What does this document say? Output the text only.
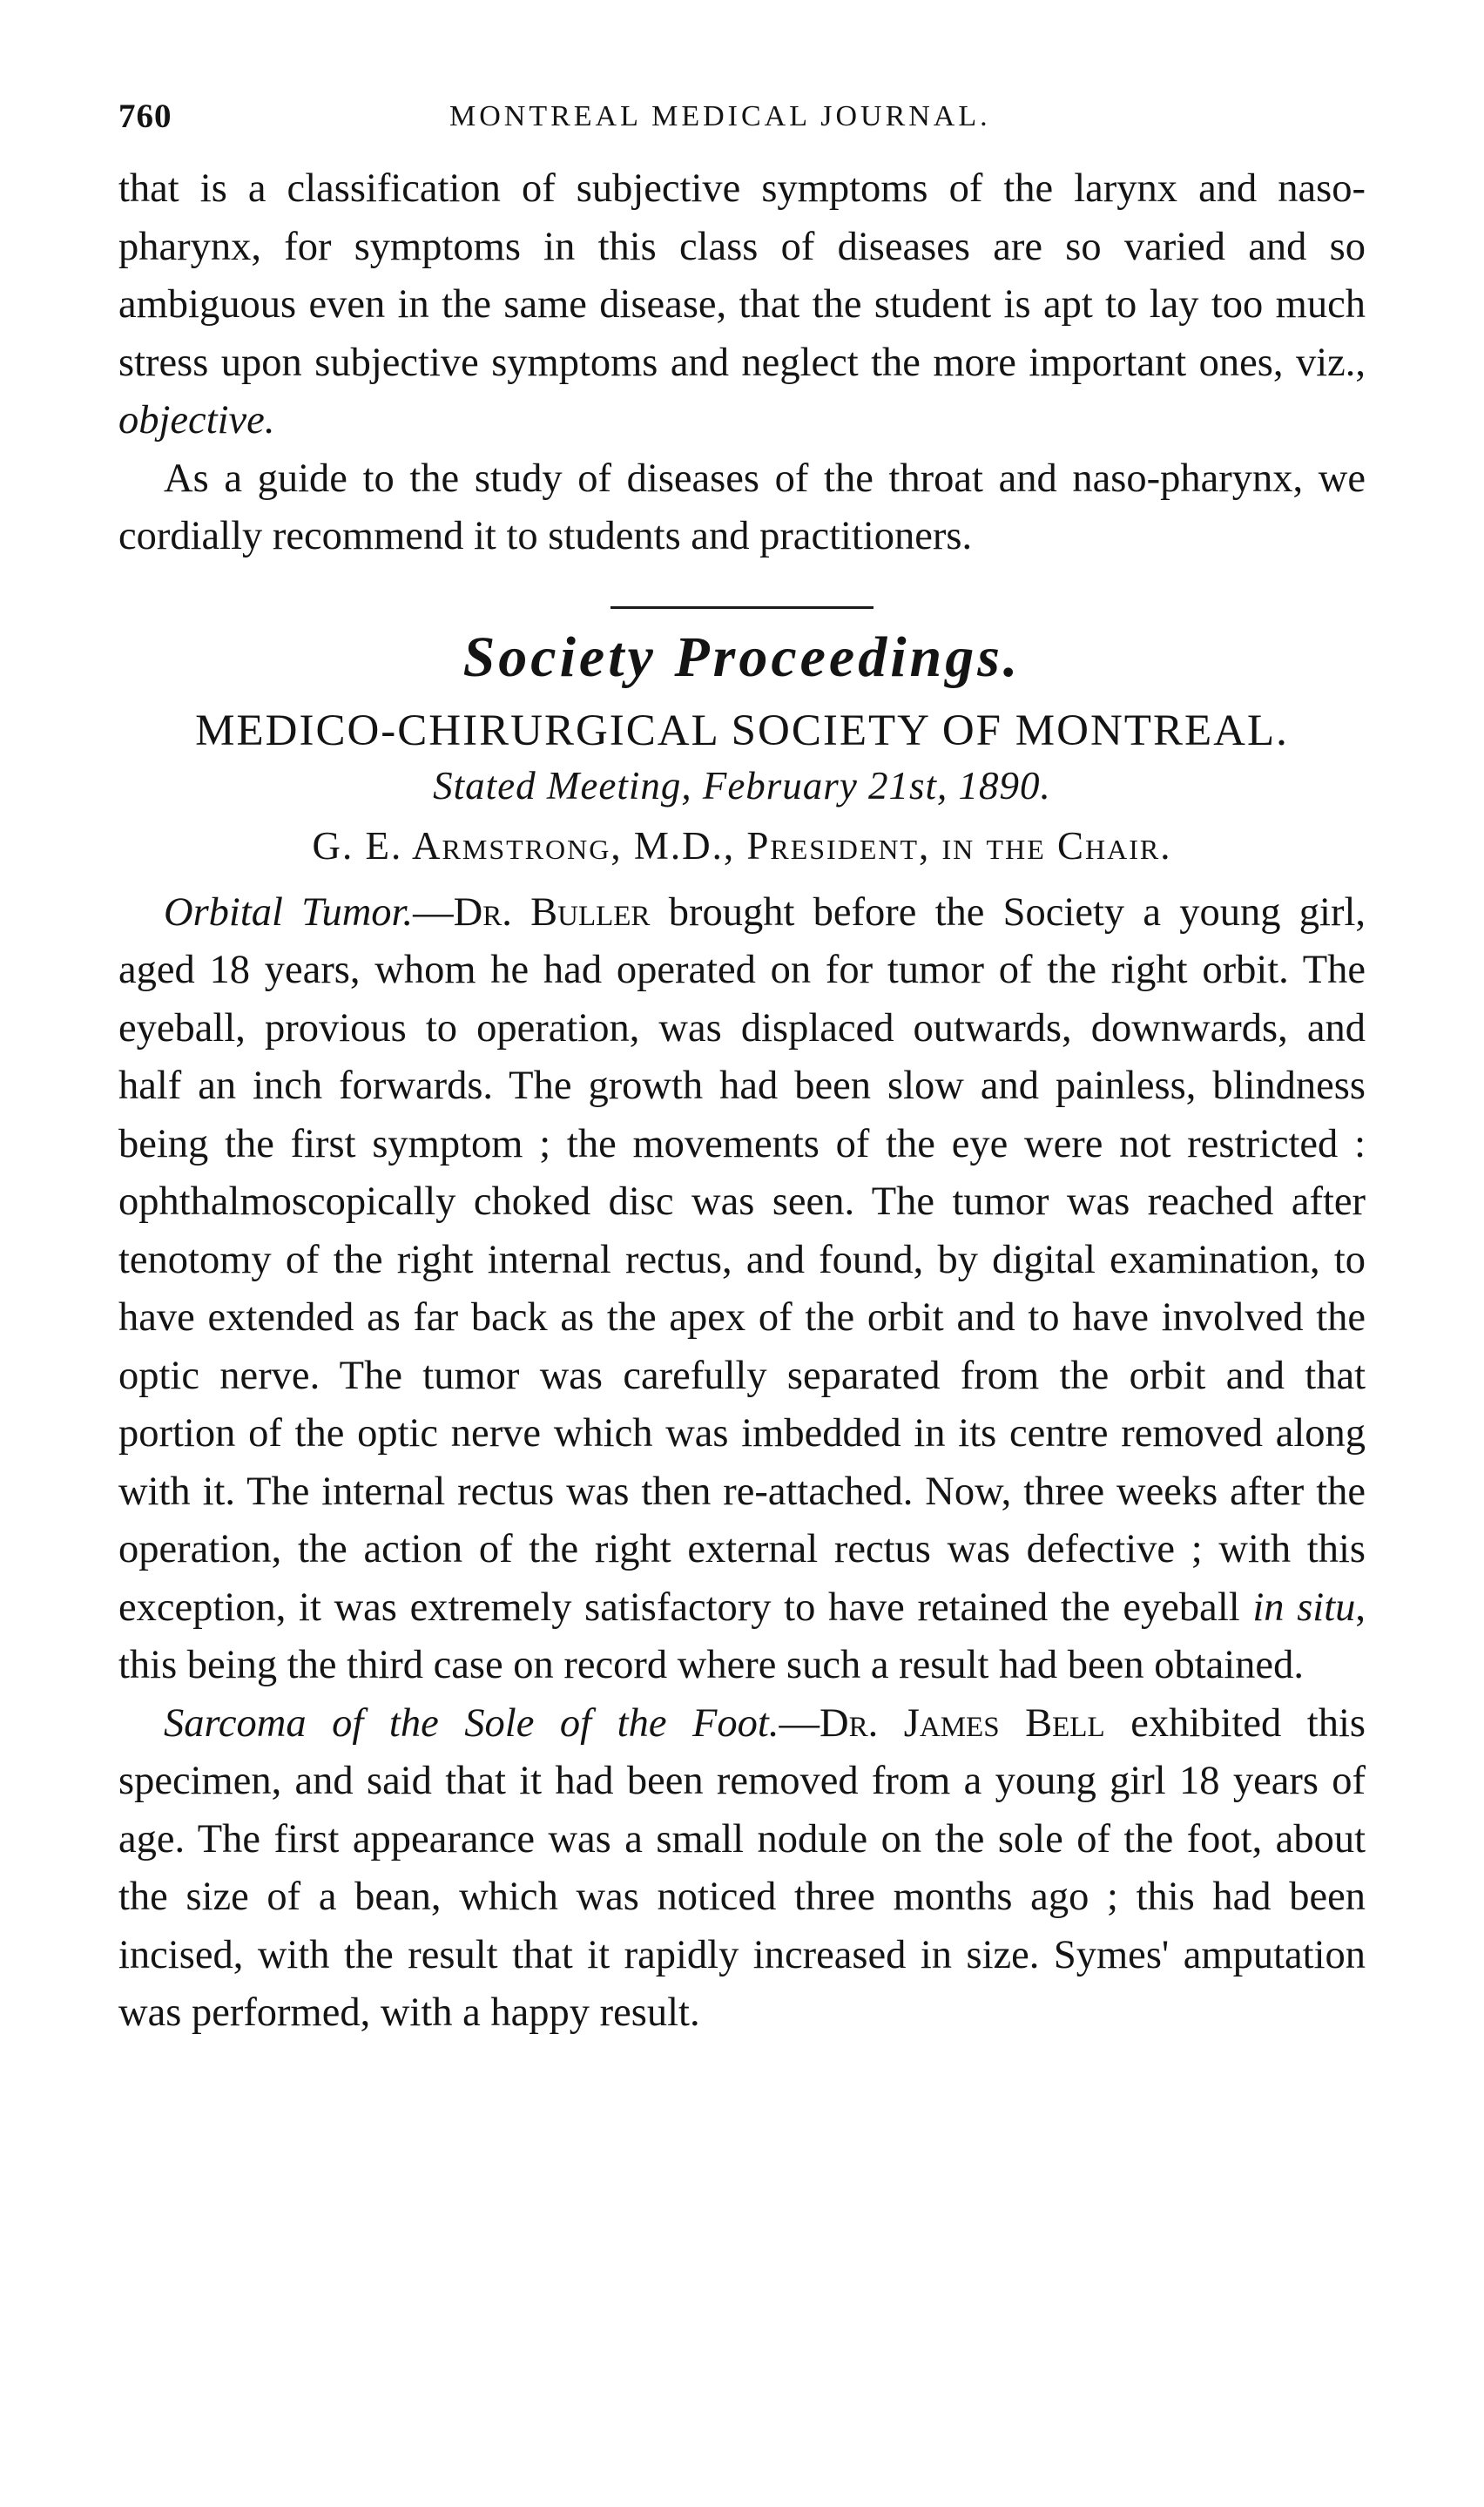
760	MONTREAL MEDICAL JOURNAL.

that is a classification of subjective symptoms of the larynx and naso-pharynx, for symptoms in this class of diseases are so varied and so ambiguous even in the same disease, that the student is apt to lay too much stress upon subjective symptoms and neglect the more important ones, viz., objective.

As a guide to the study of diseases of the throat and naso-pharynx, we cordially recommend it to students and practitioners.

Society Proceedings.
MEDICO-CHIRURGICAL SOCIETY OF MONTREAL.
Stated Meeting, February 21st, 1890.
G. E. Armstrong, M.D., President, in the Chair.

Orbital Tumor.—Dr. Buller brought before the Society a young girl, aged 18 years, whom he had operated on for tumor of the right orbit. The eyeball, provious to operation, was displaced outwards, downwards, and half an inch forwards. The growth had been slow and painless, blindness being the first symptom ; the movements of the eye were not restricted : ophthalmoscopically choked disc was seen. The tumor was reached after tenotomy of the right internal rectus, and found, by digital examination, to have extended as far back as the apex of the orbit and to have involved the optic nerve. The tumor was carefully separated from the orbit and that portion of the optic nerve which was imbedded in its centre removed along with it. The internal rectus was then re-attached. Now, three weeks after the operation, the action of the right external rectus was defective ; with this exception, it was extremely satisfactory to have retained the eyeball in situ, this being the third case on record where such a result had been obtained.

Sarcoma of the Sole of the Foot.—Dr. James Bell exhibited this specimen, and said that it had been removed from a young girl 18 years of age. The first appearance was a small nodule on the sole of the foot, about the size of a bean, which was noticed three months ago ; this had been incised, with the result that it rapidly increased in size. Symes' amputation was performed, with a happy result.
